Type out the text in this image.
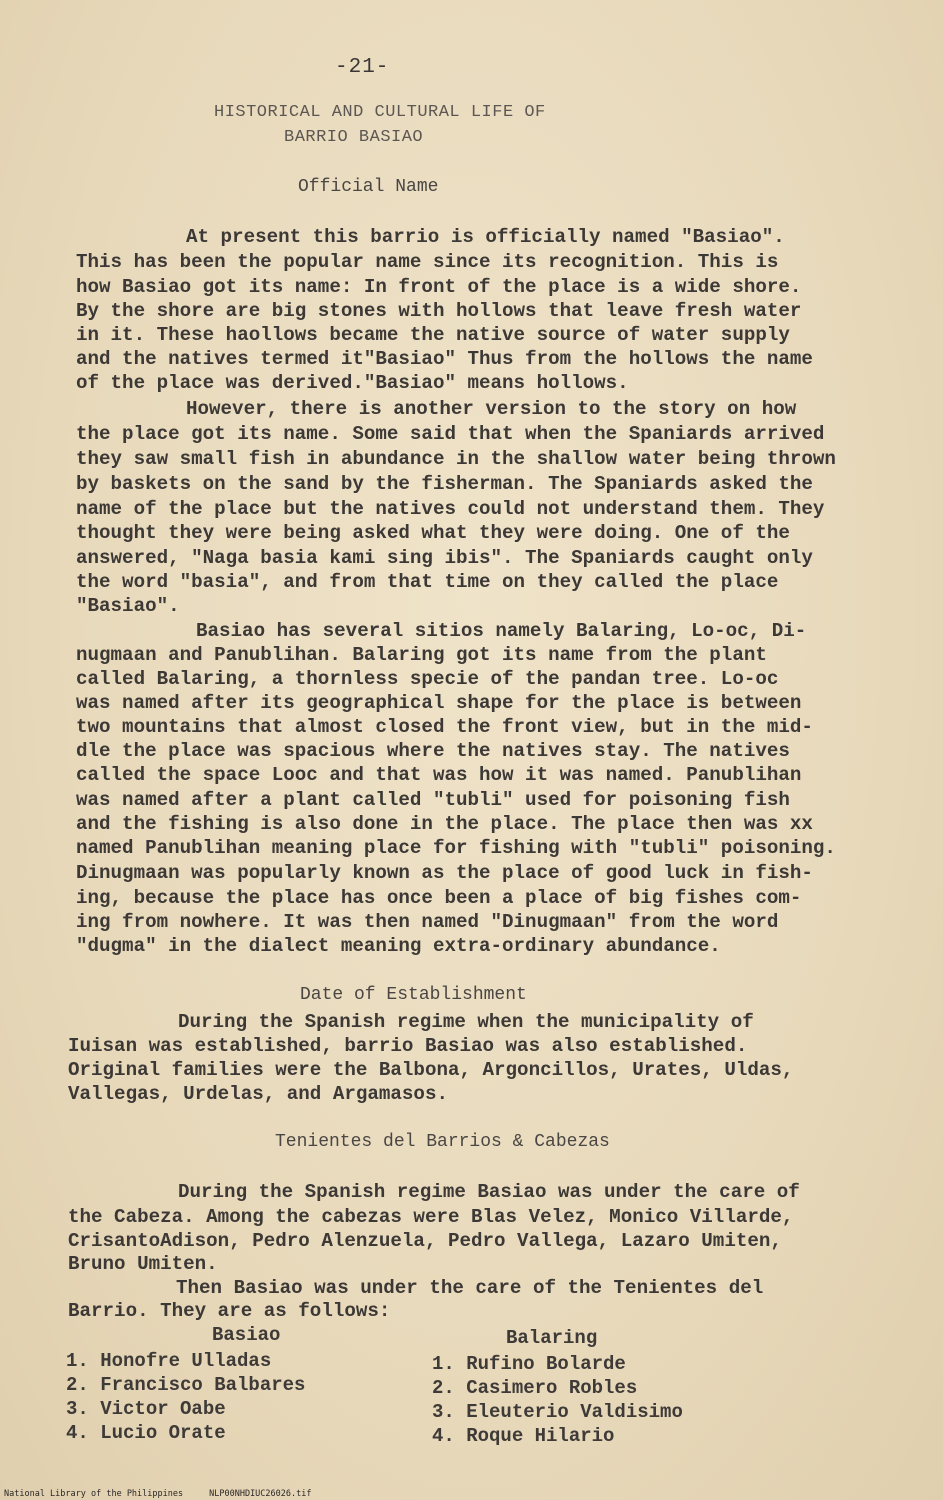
-21-
HISTORICAL AND CULTURAL LIFE OF
BARRIO BASIAO
Official Name
At present this barrio is officially named "Basiao".
This has been the popular name since its recognition. This is
how Basiao got its name: In front of the place is a wide shore.
By the shore are big stones with hollows that leave fresh water
in it. These haollows became the native source of water supply
and the natives termed it"Basiao" Thus from the hollows the name
of the place was derived."Basiao" means hollows.
However, there is another version to the story on how
the place got its name. Some said that when the Spaniards arrived
they saw small fish in abundance in the shallow water being thrown
by baskets on the sand by the fisherman. The Spaniards asked the
name of the place but the natives could not understand them. They
thought they were being asked what they were doing. One of the
answered, "Naga basia kami sing ibis". The Spaniards caught only
the word "basia", and from that time on they called the place
"Basiao".
Basiao has several sitios namely Balaring, Lo-oc, Di-
nugmaan and Panublihan. Balaring got its name from the plant
called Balaring, a thornless specie of the pandan tree. Lo-oc
was named after its geographical shape for the place is between
two mountains that almost closed the front view, but in the mid-
dle the place was spacious where the natives stay. The natives
called the space Looc and that was how it was named. Panublihan
was named after a plant called "tubli" used for poisoning fish
and the fishing is also done in the place. The place then was xx
named Panublihan meaning place for fishing with "tubli" poisoning.
Dinugmaan was popularly known as the place of good luck in fish-
ing, because the place has once been a place of big fishes com-
ing from nowhere. It was then named "Dinugmaan" from the word
"dugma" in the dialect meaning extra-ordinary abundance.
Date of Establishment
During the Spanish regime when the municipality of
Iuisan was established, barrio Basiao was also established.
Original families were the Balbona, Argoncillos, Urates, Uldas,
Vallegas, Urdelas, and Argamasos.
Tenientes del Barrios & Cabezas
During the Spanish regime Basiao was under the care of
the Cabeza. Among the cabezas were Blas Velez, Monico Villarde,
CrisantoAdison, Pedro Alenzuela, Pedro Vallega, Lazaro Umiten,
Bruno Umiten.
Then Basiao was under the care of the Tenientes del
Barrio. They are as follows:
Basiao
1. Honofre Ulladas
2. Francisco Balbares
3. Victor Oabe
4. Lucio Orate
Balaring
1. Rufino Bolarde
2. Casimero Robles
3. Eleuterio Valdisimo
4. Roque Hilario
National Library of the Philippines	NLP00NHDIUC26026.tif
